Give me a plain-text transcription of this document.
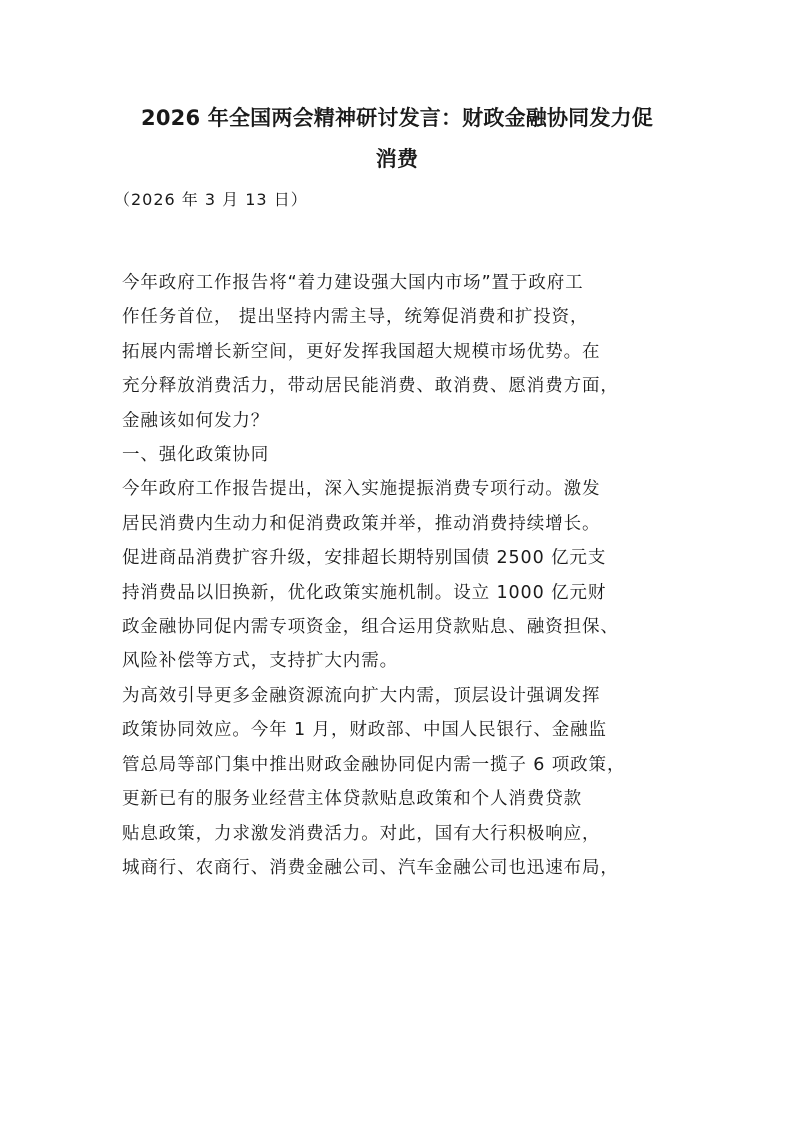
2026 年全国两会精神研讨发言：财政金融协同发力促
消费
（2026 年 3 月 13 日）

今年政府工作报告将“着力建设强大国内市场”置于政府工
作任务首位， 提出坚持内需主导，统筹促消费和扩投资，
拓展内需增长新空间，更好发挥我国超大规模市场优势。在
充分释放消费活力，带动居民能消费、敢消费、愿消费方面，
金融该如何发力？

一、强化政策协同

今年政府工作报告提出，深入实施提振消费专项行动。激发
居民消费内生动力和促消费政策并举，推动消费持续增长。
促进商品消费扩容升级，安排超长期特别国债 2500 亿元支
持消费品以旧换新，优化政策实施机制。设立 1000 亿元财
政金融协同促内需专项资金，组合运用贷款贴息、融资担保、
风险补偿等方式，支持扩大内需。

为高效引导更多金融资源流向扩大内需，顶层设计强调发挥
政策协同效应。今年 1 月，财政部、中国人民银行、金融监
管总局等部门集中推出财政金融协同促内需一揽子 6 项政策，
更新已有的服务业经营主体贷款贴息政策和个人消费贷款
贴息政策，力求激发消费活力。对此，国有大行积极响应，
城商行、农商行、消费金融公司、汽车金融公司也迅速布局，
